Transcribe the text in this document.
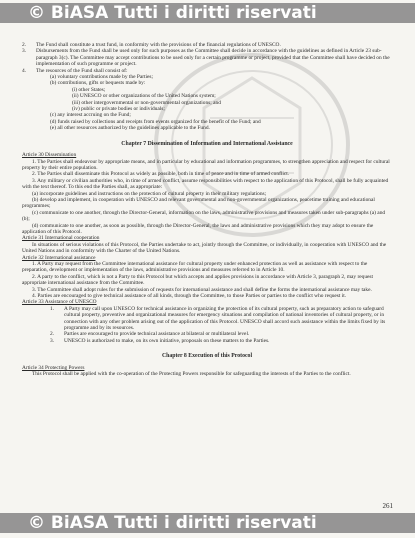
© BiASA Tutti i diritti riservati
2.	The Fund shall constitute a trust fund, in conformity with the provisions of the financial regulations of UNESCO.
3.	Disbursements from the Fund shall be used only for such purposes as the Committee shall decide in accordance with the guidelines as defined in Article 23 sub-paragraph 3(c). The Committee may accept contributions to be used only for a certain programme or project, provided that the Committee shall have decided on the implementation of such programme or project.
4.	The resources of the Fund shall consist of:

(a) voluntary contributions made by the Parties;

(b) contributions, gifts or bequests made by:

(i) other States;

(ii) UNESCO or other organizations of the United Nations system;

(iii) other intergovernmental or non-governmental organizations; and

(iv) public or private bodies or individuals;

(c) any interest accruing on the Fund;

(d) funds raised by collections and receipts from events organized for the benefit of the Fund; and

(e) all other resources authorized by the guidelines applicable to the Fund.

Chapter 7 Dissemination of Information and International Assistance

Article 30 Dissemination

1. The Parties shall endeavour by appropriate means, and in particular by educational and information programmes, to strengthen appreciation and respect for cultural property by their entire population.

2. The Parties shall disseminate this Protocol as widely as possible, both in time of peace and in time of armed conflict.

3. Any military or civilian authorities who, in time of armed conflict, assume responsibilities with respect to the application of this Protocol, shall be fully acquainted with the text thereof. To this end the Parties shall, as appropriate:

(a) incorporate guidelines and instructions on the protection of cultural property in their military regulations;

(b) develop and implement, in cooperation with UNESCO and relevant governmental and non-governmental organizations, peacetime training and educational programmes;

(c) communicate to one another, through the Director-General, information on the laws, administrative provisions and measures taken under sub-paragraphs (a) and (b);

(d) communicate to one another, as soon as possible, through the Director-General, the laws and administrative provisions which they may adopt to ensure the application of this Protocol.

Article 31 International cooperation

In situations of serious violations of this Protocol, the Parties undertake to act, jointly through the Committee, or individually, in cooperation with UNESCO and the United Nations and in conformity with the Charter of the United Nations.

Article 32 International assistance

1. A Party may request from the Committee international assistance for cultural property under enhanced protection as well as assistance with respect to the preparation, development or implementation of the laws, administrative provisions and measures referred to in Article 10.

2. A party to the conflict, which is not a Party to this Protocol but which accepts and applies provisions in accordance with Article 3, paragraph 2, may request appropriate international assistance from the Committee.

3. The Committee shall adopt rules for the submission of requests for international assistance and shall define the forms the international assistance may take.

4. Parties are encouraged to give technical assistance of all kinds, through the Committee, to those Parties or parties to the conflict who request it.

Article 33 Assistance of UNESCO

1.	A Party may call upon UNESCO for technical assistance in organizing the protection of its cultural property, such as preparatory action to safeguard cultural property, preventive and organizational measures for emergency situations and compilation of national inventories of cultural property, or in connection with any other problem arising out of the application of this Protocol. UNESCO shall accord such assistance within the limits fixed by its programme and by its resources.
2.	Parties are encouraged to provide technical assistance at bilateral or multilateral level.
3.	UNESCO is authorized to make, on its own initiative, proposals on these matters to the Parties.
Chapter 8 Execution of this Protocol

Article 34 Protecting Powers

This Protocol shall be applied with the co-operation of the Protecting Powers responsible for safeguarding the interests of the Parties to the conflict.

261
© BiASA Tutti i diritti riservati
